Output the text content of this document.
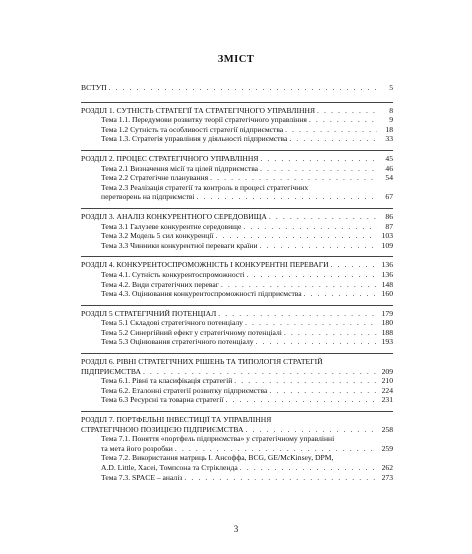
ЗМІСТ
ВСТУП . . .	5
РОЗДІЛ 1. СУТНІСТЬ СТРАТЕГІЇ ТА СТРАТЕГІЧНОГО УПРАВЛІННЯ . . .	8
Тема 1.1. Передумови розвитку теорії стратегічного управління . . .	9
Тема 1.2 Сутність та особливості стратегії підприємства . . .	18
Тема 1.3. Стратегія управління у діяльності підприємства . . .	33
РОЗДІЛ 2. ПРОЦЕС СТРАТЕГІЧНОГО УПРАВЛІННЯ . . .	45
Тема 2.1 Визначення місії та цілей підприємства . . .	46
Тема 2.2 Стратегічне планування . . .	54
Тема 2.3 Реалізація стратегії та контроль в процесі стратегічних
перетворень на підприємстві . . .	67
РОЗДІЛ 3. АНАЛІЗ КОНКУРЕНТНОГО СЕРЕДОВИЩА . . .	86
Тема 3.1 Галузеве конкурентне середовище . . .	87
Тема 3.2 Модель 5 сил конкуренції . . .	103
Тема 3.3 Чинники конкурентної переваги країни . . .	109
РОЗДІЛ 4. КОНКУРЕНТОСПРОМОЖНІСТЬ І КОНКУРЕНТНІ ПЕРЕВАГИ . . .	136
Тема 4.1. Сутність конкурентоспроможності . . .	136
Тема 4.2. Види стратегічних переваг . . .	148
Тема 4.3. Оцінювання конкурентоспроможності підприємства . . .	160
РОЗДІЛ 5 СТРАТЕГІЧНИЙ ПОТЕНЦІАЛ . . .	179
Тема 5.1 Складові стратегічного потенціалу . . .	180
Тема 5.2 Синергійний ефект у стратегічному потенціалі . . .	188
Тема 5.3 Оцінювання стратегічного потенціалу . . .	193
РОЗДІЛ 6. РІВНІ СТРАТЕГІЧНИХ РІШЕНЬ ТА ТИПОЛОГІЯ СТРАТЕГІЙ
ПІДПРИЄМСТВА . . .	209
Тема 6.1. Рівні та класифікація стратегій . . .	210
Тема 6.2. Еталонні стратегії розвитку підприємства . . .	224
Тема 6.3 Ресурсні та товарна стратегії . . .	231
РОЗДІЛ 7. ПОРТФЕЛЬНІ ІНВЕСТИЦІЇ ТА УПРАВЛІННЯ
СТРАТЕГІЧНОЮ ПОЗИЦІЄЮ ПІДПРИЄМСТВА . . .	258
Тема 7.1. Поняття «портфель підприємства» у стратегічному управлінні
та мета його розробки . . .	259
Тема 7.2. Використання матриць І. Ансоффа, BCG, GE/McKinsey, DPM,
A.D. Little, Хасеі, Томпсона та Стрікленда . . .	262
Тема 7.3. SPACE – аналіз . . .	273
3
